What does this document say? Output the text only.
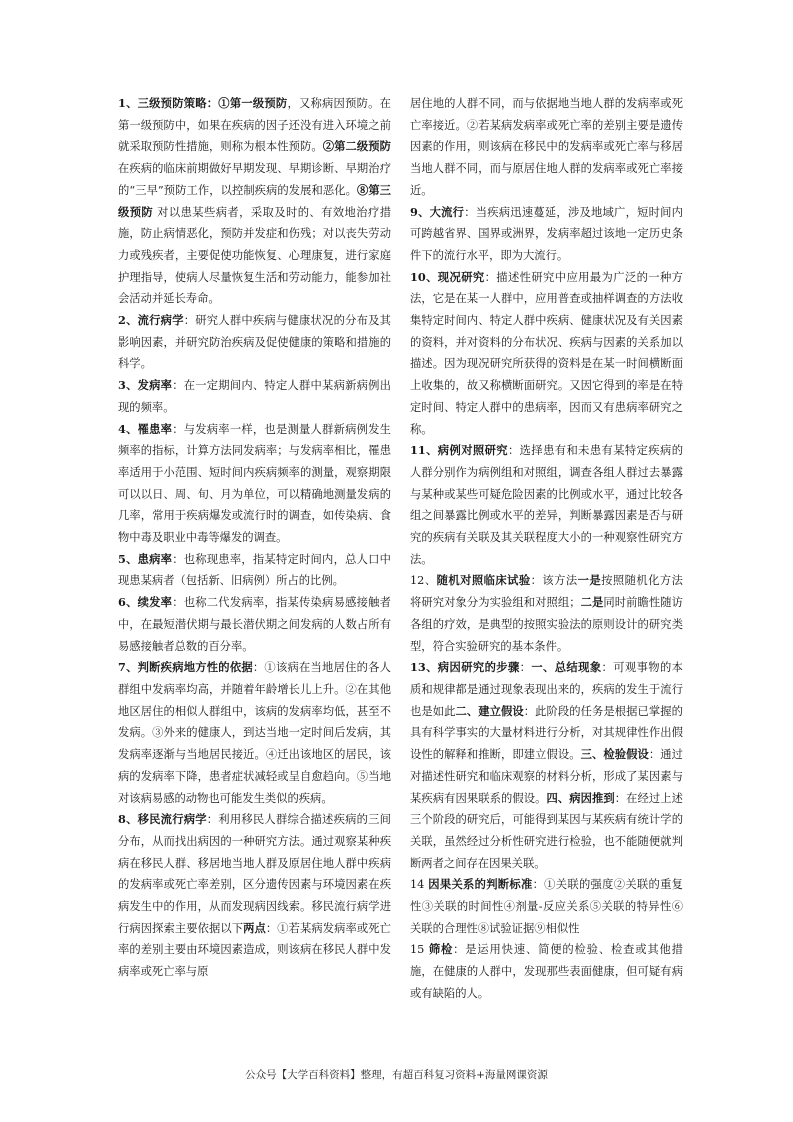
1、三级预防策略：①第一级预防，又称病因预防。在第一级预防中，如果在疾病的因子还没有进入环境之前就采取预防性措施，则称为根本性预防。②第二级预防 在疾病的临床前期做好早期发现、早期诊断、早期治疗的“三早”预防工作，以控制疾病的发展和恶化。⑧第三级预防 对以患某些病者，采取及时的、有效地治疗措施，防止病情恶化，预防并发症和伤残；对以丧失劳动力或残疾者，主要促使功能恢复、心理康复，进行家庭护理指导，使病人尽量恢复生活和劳动能力，能参加社会活动并延长寿命。

2、流行病学：研究人群中疾病与健康状况的分布及其影响因素，并研究防治疾病及促使健康的策略和措施的科学。

3、发病率：在一定期间内、特定人群中某病新病例出现的频率。

4、罹患率：与发病率一样，也是测量人群新病例发生频率的指标，计算方法同发病率；与发病率相比，罹患率适用于小范围、短时间内疾病频率的测量，观察期限可以以日、周、旬、月为单位，可以精确地测量发病的几率，常用于疾病爆发或流行时的调查，如传染病、食物中毒及职业中毒等爆发的调查。

5、患病率：也称现患率，指某特定时间内，总人口中现患某病者（包括新、旧病例）所占的比例。

6、续发率：也称二代发病率，指某传染病易感接触者中，在最短潜伏期与最长潜伏期之间发病的人数占所有易感接触者总数的百分率。

7、判断疾病地方性的依据：①该病在当地居住的各人群组中发病率均高，并随着年龄增长儿上升。②在其他地区居住的相似人群组中，该病的发病率均低，甚至不发病。③外来的健康人，到达当地一定时间后发病，其发病率逐渐与当地居民接近。④迁出该地区的居民，该病的发病率下降，患者症状减轻或呈自愈趋向。⑤当地对该病易感的动物也可能发生类似的疾病。

8、移民流行病学：利用移民人群综合描述疾病的三间分布，从而找出病因的一种研究方法。通过观察某种疾病在移民人群、移居地当地人群及原居住地人群中疾病的发病率或死亡率差别，区分遗传因素与环境因素在疾病发生中的作用，从而发现病因线索。移民流行病学进行病因探索主要依据以下两点：①若某病发病率或死亡率的差别主要由环境因素造成，则该病在移民人群中发病率或死亡率与原

居住地的人群不同，而与依据地当地人群的发病率或死亡率接近。②若某病发病率或死亡率的差别主要是遗传因素的作用，则该病在移民中的发病率或死亡率与移居当地人群不同，而与原居住地人群的发病率或死亡率接近。

9、大流行：当疾病迅速蔓延，涉及地域广，短时间内可跨越省界、国界或洲界，发病率超过该地一定历史条件下的流行水平，即为大流行。

10、现况研究：描述性研究中应用最为广泛的一种方法，它是在某一人群中，应用普查或抽样调查的方法收集特定时间内、特定人群中疾病、健康状况及有关因素的资料，并对资料的分布状况、疾病与因素的关系加以描述。因为现况研究所获得的资料是在某一时间横断面上收集的，故又称横断面研究。又因它得到的率是在特定时间、特定人群中的患病率，因而又有患病率研究之称。

11、病例对照研究：选择患有和未患有某特定疾病的人群分别作为病例组和对照组，调查各组人群过去暴露与某种或某些可疑危险因素的比例或水平，通过比较各组之间暴露比例或水平的差异，判断暴露因素是否与研究的疾病有关联及其关联程度大小的一种观察性研究方法。

12、随机对照临床试验：该方法一是按照随机化方法将研究对象分为实验组和对照组；二是同时前瞻性随访各组的疗效，是典型的按照实验法的原则设计的研究类型，符合实验研究的基本条件。

13、病因研究的步骤：一、总结现象：可观事物的本质和规律都是通过现象表现出来的，疾病的发生于流行也是如此二、建立假设：此阶段的任务是根据已掌握的具有科学事实的大量材料进行分析，对其规律性作出假设性的解释和推断，即建立假设。三、检验假设：通过对描述性研究和临床观察的材料分析，形成了某因素与某疾病有因果联系的假设。四、病因推到：在经过上述三个阶段的研究后，可能得到某因与某疾病有统计学的关联，虽然经过分析性研究进行检验，也不能随便就判断两者之间存在因果关联。

14 因果关系的判断标准：①关联的强度②关联的重复性③关联的时间性④剂量-反应关系⑤关联的特异性⑥关联的合理性⑧试验证据⑨相似性

15 筛检：是运用快速、简便的检验、检查或其他措施，在健康的人群中，发现那些表面健康，但可疑有病或有缺陷的人。

公众号【大学百科资料】整理，有超百科复习资料+海量网课资源
